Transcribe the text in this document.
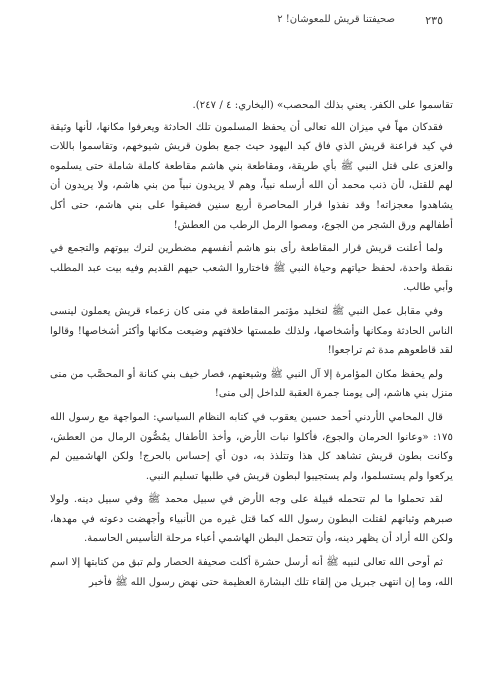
٢٣٥
صحيفتنا قريش للمعوشان! ٢

تقاسموا على الكفر. يعني بذلك المحصب» (البخاري: ٤ / ٢٤٧).

فقدكان مهاً في ميزان الله تعالى أن يحفظ المسلمون تلك الحادثة ويعرفوا مكانها، لأنها وثيقة في كيد فراعنة قريش الذي فاق كيد اليهود حيث جمع بطون قريش شيوخهم، وتقاسموا باللات والعزى على قتل النبي ﷺ بأي طريقة، ومقاطعة بني هاشم مقاطعة كاملة شاملة حتى يسلموه لهم للقتل، لأن ذنب محمد أن الله أرسله نبياً، وهم لا يريدون نبياً من بني هاشم، ولا يريدون أن يشاهدوا معجزاته! وقد نفذوا قرار المحاصرة أربع سنين فضيقوا على بني هاشم، حتى أكل أطفالهم ورق الشجر من الجوع، ومصوا الرمل الرطب من العطش!

ولما أعلنت قريش قرار المقاطعة رأى بنو هاشم أنفسهم مضطرين لترك بيوتهم والتجمع في نقطة واحدة، لحفظ حياتهم وحياة النبي ﷺ فاختاروا الشعب حيهم القديم وفيه بيت عبد المطلب وأبي طالب.

وفي مقابل عمل النبي ﷺ لتخليد مؤتمر المقاطعة في منى كان زعماء قريش يعملون لينسى الناس الحادثة ومكانها وأشخاصها، ولذلك طمستها خلافتهم وضيعت مكانها وأكثر أشخاصها! وقالوا لقد قاطعوهم مدة ثم تراجعوا!

ولم يحفظ مكان المؤامرة إلا آل النبي ﷺ وشيعتهم، فصار خيف بني كنانة أو المحصَّب من منى منزل بني هاشم، إلى يومنا جمرة العقبة للداخل إلى منى!

قال المحامي الأردني أحمد حسين يعقوب في كتابه النظام السياسي: المواجهة مع رسول الله ١٧٥: «وعانوا الحرمان والجوع، فأكلوا نبات الأرض، وأخذ الأطفال يمُصُّون الرمال من العطش، وكانت بطون قريش تشاهد كل هذا وتتلذذ به، دون أي إحساس بالحرج! ولكن الهاشميين لم يركعوا ولم يستسلموا، ولم يستجيبوا لبطون قريش في طلبها تسليم النبي.

لقد تحملوا ما لم تتحمله قبيلة على وجه الأرض في سبيل محمد ﷺ وفي سبيل دينه. ولولا صبرهم وثباتهم لقتلت البطون رسول الله كما قتل غيره من الأنبياء وأجهضت دعوته في مهدها، ولكن الله أراد أن يظهر دينه، وأن تتحمل البطن الهاشمي أعباء مرحلة التأسيس الحاسمة.

ثم أوحى الله تعالى لنبيه ﷺ أنه أرسل حشرة أكلت صحيفة الحصار ولم تبق من كتابتها إلا اسم الله، وما إن انتهى جبريل من إلقاء تلك البشارة العظيمة حتى نهض رسول الله ﷺ فأخبر
